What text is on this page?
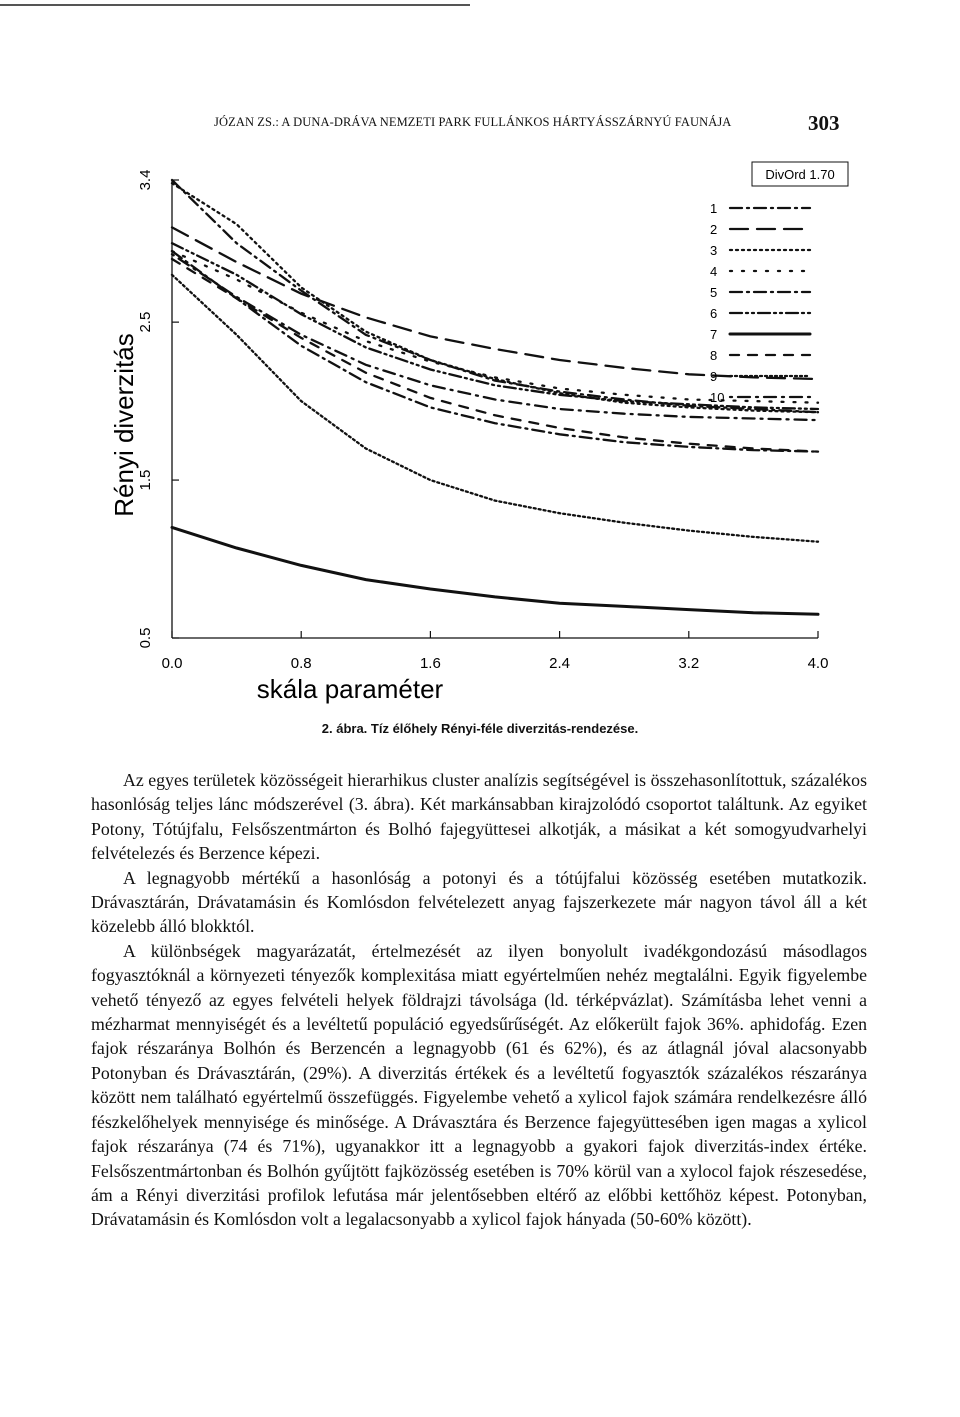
JÓZAN ZS.: A DUNA-DRÁVA NEMZETI PARK FULLÁNKOS HÁRTYÁSSZÁRNYÚ FAUNÁJA	303
0.0	0.8	1.6	2.4	3.2	4.0
0.5
1.5
2.5
3.4	DivOrd 1.70
1
2
3
4
5
6
7
8
9
10
Rényi diverzitás
skála paraméter
2. ábra. Tíz élőhely Rényi-féle diverzitás-rendezése.

Az egyes területek közösségeit hierarhikus cluster analízis segítségével is összehasonlítottuk, százalékos hasonlóság teljes lánc módszerével (3. ábra). Két markánsabban kirajzolódó csoportot találtunk. Az egyiket Potony, Tótújfalu, Felsőszentmárton és Bolhó fajegyüttesei alkotják, a másikat a két somogyudvarhelyi felvételezés és Berzence képezi.

A legnagyobb mértékű a hasonlóság a potonyi és a tótújfalui közösség esetében mutatkozik. Drávasztárán, Drávatamásin és Komlósdon felvételezett anyag fajszerkezete már nagyon távol áll a két közelebb álló blokktól.

A különbségek magyarázatát, értelmezését az ilyen bonyolult ivadékgondozású másodlagos fogyasztóknál a környezeti tényezők komplexitása miatt egyértelműen nehéz megtalálni. Egyik figyelembe vehető tényező az egyes felvételi helyek földrajzi távolsága (ld. térképvázlat). Számításba lehet venni a mézharmat mennyiségét és a levéltetű populáció egyedsűrűségét. Az előkerült fajok 36%. aphidofág. Ezen fajok részaránya Bolhón és Berzencén a legnagyobb (61 és 62%), és az átlagnál jóval alacsonyabb Potonyban és Drávasztárán, (29%). A diverzitás értékek és a levéltetű fogyasztók százalékos részaránya között nem található egyértelmű összefüggés. Figyelembe vehető a xylicol fajok számára rendelkezésre álló fészkelőhelyek mennyisége és minősége. A Drávasztára és Berzence fajegyüttesében igen magas a xylicol fajok részaránya (74 és 71%), ugyanakkor itt a legnagyobb a gyakori fajok diverzitás-index értéke. Felsőszentmártonban és Bolhón gyűjtött fajközösség esetében is 70% körül van a xylocol fajok részesedése, ám a Rényi diverzitási profilok lefutása már jelentősebben eltérő az előbbi kettőhöz képest. Potonyban, Drávatamásin és Komlósdon volt a legalacsonyabb a xylicol fajok hányada (50-60% között).
